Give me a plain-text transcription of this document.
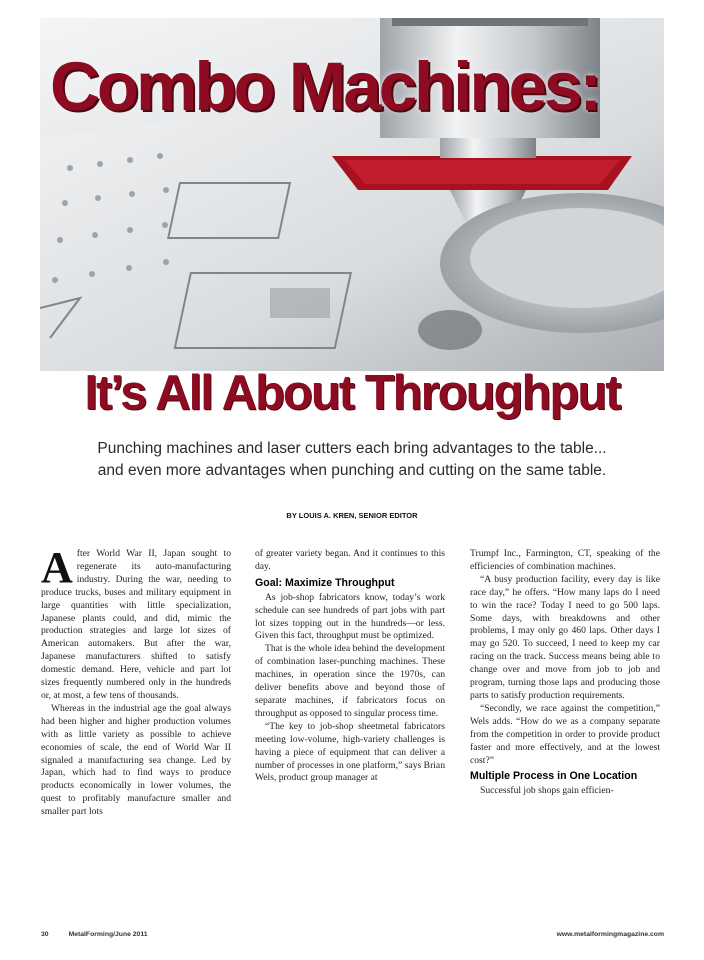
Combo Machines:
It’s All About Throughput
Punching machines and laser cutters each bring advantages to the table...
and even more advantages when punching and cutting on the same table.
BY LOUIS A. KREN, SENIOR EDITOR
A fter World War II, Japan sought to regenerate its auto-manufacturing industry. During the war, needing to produce trucks, buses and military equipment in large quantities with little specialization, Japanese plants could, and did, mimic the production strategies and large lot sizes of American automakers. But after the war, Japanese manufacturers shifted to satisfy domestic demand. Here, vehicle and part lot sizes frequently numbered only in the hundreds or, at most, a few tens of thousands.

Whereas in the industrial age the goal always had been higher and higher production volumes with as little variety as possible to achieve economies of scale, the end of World War II signaled a manufacturing sea change. Led by Japan, which had to find ways to produce products economically in lower volumes, the quest to profitably manufacture smaller and smaller part lots

of greater variety began. And it continues to this day.

Goal: Maximize Throughput

As job-shop fabricators know, today’s work schedule can see hundreds of part jobs with part lot sizes topping out in the hundreds—or less. Given this fact, throughput must be optimized.

That is the whole idea behind the development of combination laser-punching machines. These machines, in operation since the 1970s, can deliver benefits above and beyond those of separate machines, if fabricators focus on throughput as opposed to singular process time.

“The key to job-shop sheetmetal fabricators meeting low-volume, high-variety challenges is having a piece of equipment that can deliver a number of processes in one platform,” says Brian Wels, product group manager at

Trumpf Inc., Farmington, CT, speaking of the efficiencies of combination machines.

“A busy production facility, every day is like race day,” he offers. “How many laps do I need to win the race? Today I need to go 500 laps. Some days, with breakdowns and other problems, I may only go 460 laps. Other days I may go 520. To succeed, I need to keep my car racing on the track. Success means being able to change over and move from job to job and program, turning those laps and producing those parts to satisfy production requirements.

“Secondly, we race against the competition,” Wels adds. “How do we as a company separate from the competition in order to provide product faster and more effectively, and at the lowest cost?”

Multiple Process in One Location

Successful job shops gain efficien-

30	MetalForming/June 2011	www.metalformingmagazine.com
